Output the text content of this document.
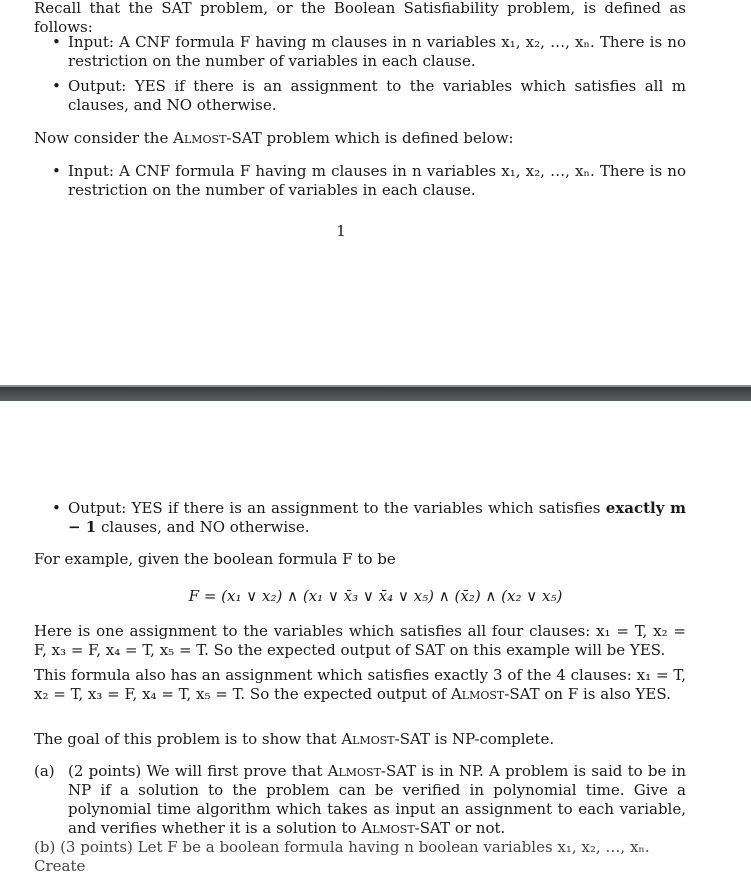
Recall that the SAT problem, or the Boolean Satisfiability problem, is defined as follows:
• Input: A CNF formula F having m clauses in n variables x₁, x₂, …, xₙ. There is no restriction on the number of variables in each clause.
• Output: YES if there is an assignment to the variables which satisfies all m clauses, and NO otherwise.
Now consider the Almost-SAT problem which is defined below:
• Input: A CNF formula F having m clauses in n variables x₁, x₂, …, xₙ. There is no restriction on the number of variables in each clause.
1
• Output: YES if there is an assignment to the variables which satisfies exactly m − 1 clauses, and NO otherwise.
For example, given the boolean formula F to be
F = (x₁ ∨ x₂) ∧ (x₁ ∨ x̄₃ ∨ x̄₄ ∨ x₅) ∧ (x̄₂) ∧ (x₂ ∨ x₅)
Here is one assignment to the variables which satisfies all four clauses: x₁ = T, x₂ = F, x₃ = F, x₄ = T, x₅ = T. So the expected output of SAT on this example will be YES.
This formula also has an assignment which satisfies exactly 3 of the 4 clauses: x₁ = T, x₂ = T, x₃ = F, x₄ = T, x₅ = T. So the expected output of Almost-SAT on F is also YES.
The goal of this problem is to show that Almost-SAT is NP-complete.
(a) (2 points) We will first prove that Almost-SAT is in NP. A problem is said to be in NP if a solution to the problem can be verified in polynomial time. Give a polynomial time algorithm which takes as input an assignment to each variable, and verifies whether it is a solution to Almost-SAT or not.
(b) (3 points) Let F be a boolean formula having n boolean variables x₁, x₂, …, xₙ. Create
